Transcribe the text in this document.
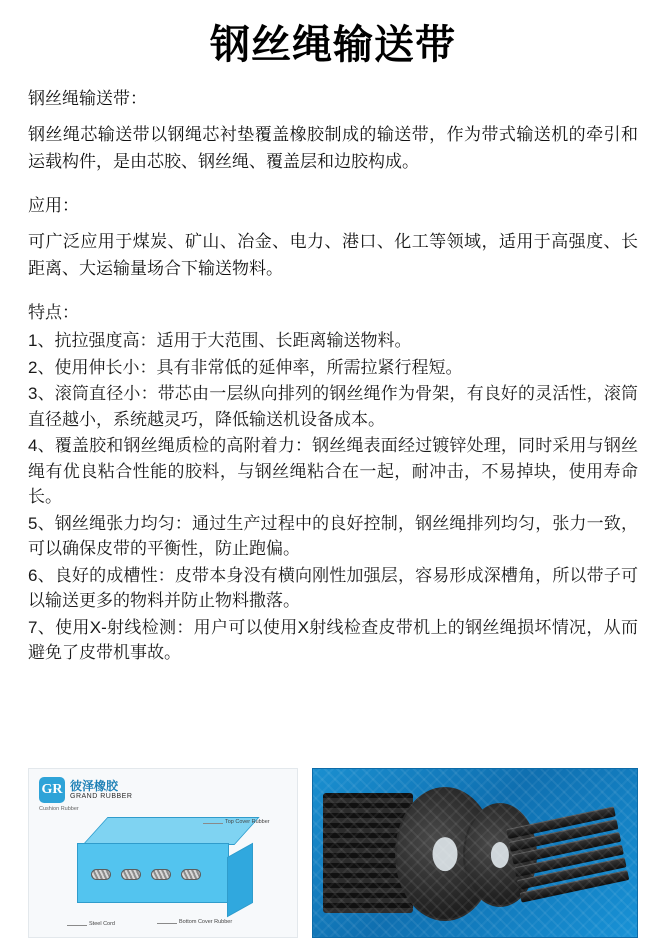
钢丝绳输送带

钢丝绳输送带：

钢丝绳芯输送带以钢绳芯衬垫覆盖橡胶制成的输送带，作为带式输送机的牵引和运载构件，是由芯胶、钢丝绳、覆盖层和边胶构成。

应用：

可广泛应用于煤炭、矿山、冶金、电力、港口、化工等领域，适用于高强度、长距离、大运输量场合下输送物料。

特点：

1、抗拉强度高：适用于大范围、长距离输送物料。

2、使用伸长小：具有非常低的延伸率，所需拉紧行程短。

3、滚筒直径小：带芯由一层纵向排列的钢丝绳作为骨架，有良好的灵活性，滚筒直径越小，系统越灵巧，降低输送机设备成本。

4、覆盖胶和钢丝绳质检的高附着力：钢丝绳表面经过镀锌处理，同时采用与钢丝绳有优良粘合性能的胶料，与钢丝绳粘合在一起，耐冲击，不易掉块，使用寿命长。

5、钢丝绳张力均匀：通过生产过程中的良好控制，钢丝绳排列均匀，张力一致，可以确保皮带的平衡性，防止跑偏。

6、良好的成槽性：皮带本身没有横向刚性加强层，容易形成深槽角，所以带子可以输送更多的物料并防止物料撒落。

7、使用X-射线检测：用户可以使用X射线检查皮带机上的钢丝绳损坏情况，从而避免了皮带机事故。

GR 彼泽橡胶
GRAND RUBBER
Cushion Rubber
Top Cover Rubber
Bottom Cover Rubber
Steel Cord
